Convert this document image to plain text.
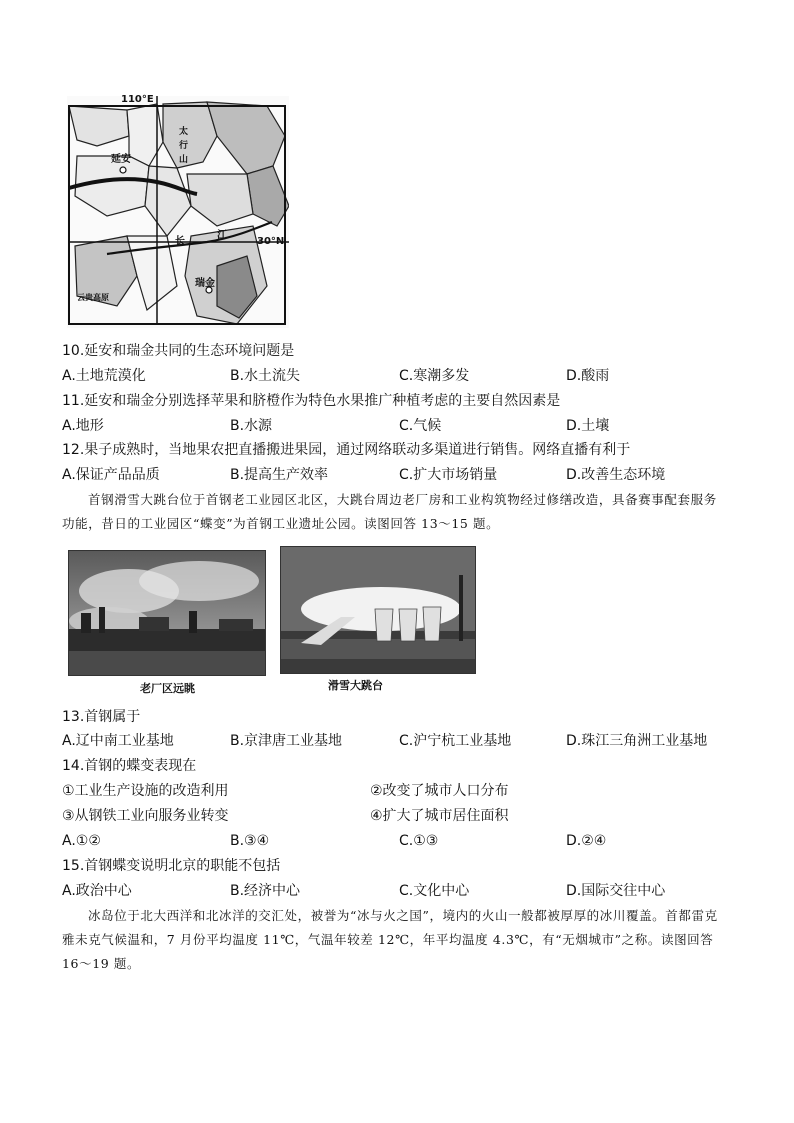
110°E
30°N
延安
瑞金
长
江
太
行
山
云贵高原
10.延安和瑞金共同的生态环境问题是
A.土地荒漠化	B.水土流失	C.寒潮多发	D.酸雨
11.延安和瑞金分别选择苹果和脐橙作为特色水果推广种植考虑的主要自然因素是
A.地形	B.水源	C.气候	D.土壤
12.果子成熟时，当地果农把直播搬进果园，通过网络联动多渠道进行销售。网络直播有利于
A.保证产品品质	B.提高生产效率	C.扩大市场销量	D.改善生态环境
首钢滑雪大跳台位于首钢老工业园区北区，大跳台周边老厂房和工业构筑物经过修缮改造，具备赛事配套服务功能，昔日的工业园区“蝶变”为首钢工业遗址公园。读图回答 13～15 题。
老厂区远眺	滑雪大跳台
13.首钢属于
A.辽中南工业基地	B.京津唐工业基地	C.沪宁杭工业基地	D.珠江三角洲工业基地
14.首钢的蝶变表现在
①工业生产设施的改造利用	②改变了城市人口分布
③从钢铁工业向服务业转变	④扩大了城市居住面积
A.①②	B.③④	C.①③	D.②④
15.首钢蝶变说明北京的职能不包括
A.政治中心	B.经济中心	C.文化中心	D.国际交往中心
冰岛位于北大西洋和北冰洋的交汇处，被誉为“冰与火之国”，境内的火山一般都被厚厚的冰川覆盖。首都雷克雅未克气候温和，7 月份平均温度 11℃，气温年较差 12℃，年平均温度 4.3℃，有“无烟城市”之称。读图回答 16～19 题。
